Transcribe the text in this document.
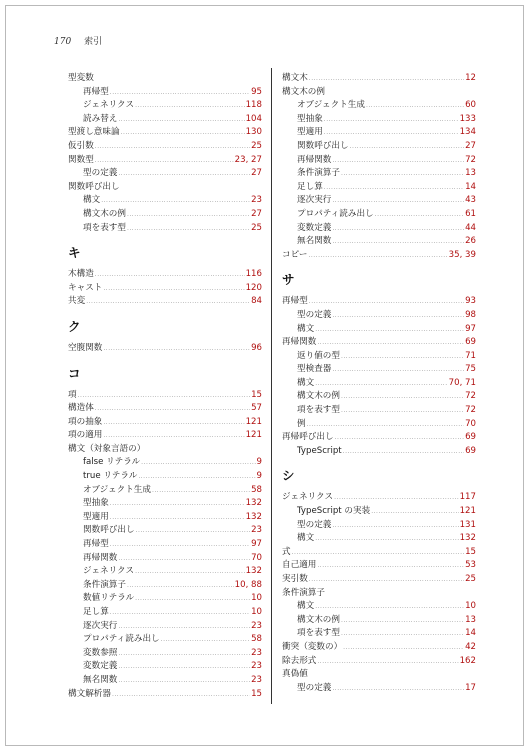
170 索引
型変数
再帰型 .....	95
ジェネリクス .....	118
読み替え .....	104
型渡し意味論 .....	130
仮引数 .....	25
関数型 .....	23, 27
型の定義 .....	27
関数呼び出し
構文 .....	23
構文木の例 .....	27
項を表す型 .....	25
キ
木構造 .....	116
キャスト .....	120
共変 .....	84
ク
空腹関数 .....	96
コ
項 .....	15
構造体 .....	57
項の抽象 .....	121
項の適用 .....	121
構文（対象言語の）
false リテラル .....	9
true リテラル .....	9
オブジェクト生成 .....	58
型抽象 .....	132
型適用 .....	132
関数呼び出し .....	23
再帰型 .....	97
再帰関数 .....	70
ジェネリクス .....	132
条件演算子 .....	10, 88
数値リテラル .....	10
足し算 .....	10
逐次実行 .....	23
プロパティ読み出し .....	58
変数参照 .....	23
変数定義 .....	23
無名関数 .....	23
構文解析器 .....	15
構文木 .....	12
構文木の例
オブジェクト生成 .....	60
型抽象 .....	133
型適用 .....	134
関数呼び出し .....	27
再帰関数 .....	72
条件演算子 .....	13
足し算 .....	14
逐次実行 .....	43
プロパティ読み出し .....	61
変数定義 .....	44
無名関数 .....	26
コピー .....	35, 39
サ
再帰型 .....	93
型の定義 .....	98
構文 .....	97
再帰関数 .....	69
返り値の型 .....	71
型検査器 .....	75
構文 .....	70, 71
構文木の例 .....	72
項を表す型 .....	72
例 .....	70
再帰呼び出し .....	69
TypeScript .....	69
シ
ジェネリクス .....	117
TypeScript の実装 .....	121
型の定義 .....	131
構文 .....	132
式 .....	15
自己適用 .....	53
実引数 .....	25
条件演算子
構文 .....	10
構文木の例 .....	13
項を表す型 .....	14
衝突（変数の） .....	42
除去形式 .....	162
真偽値
型の定義 .....	17
